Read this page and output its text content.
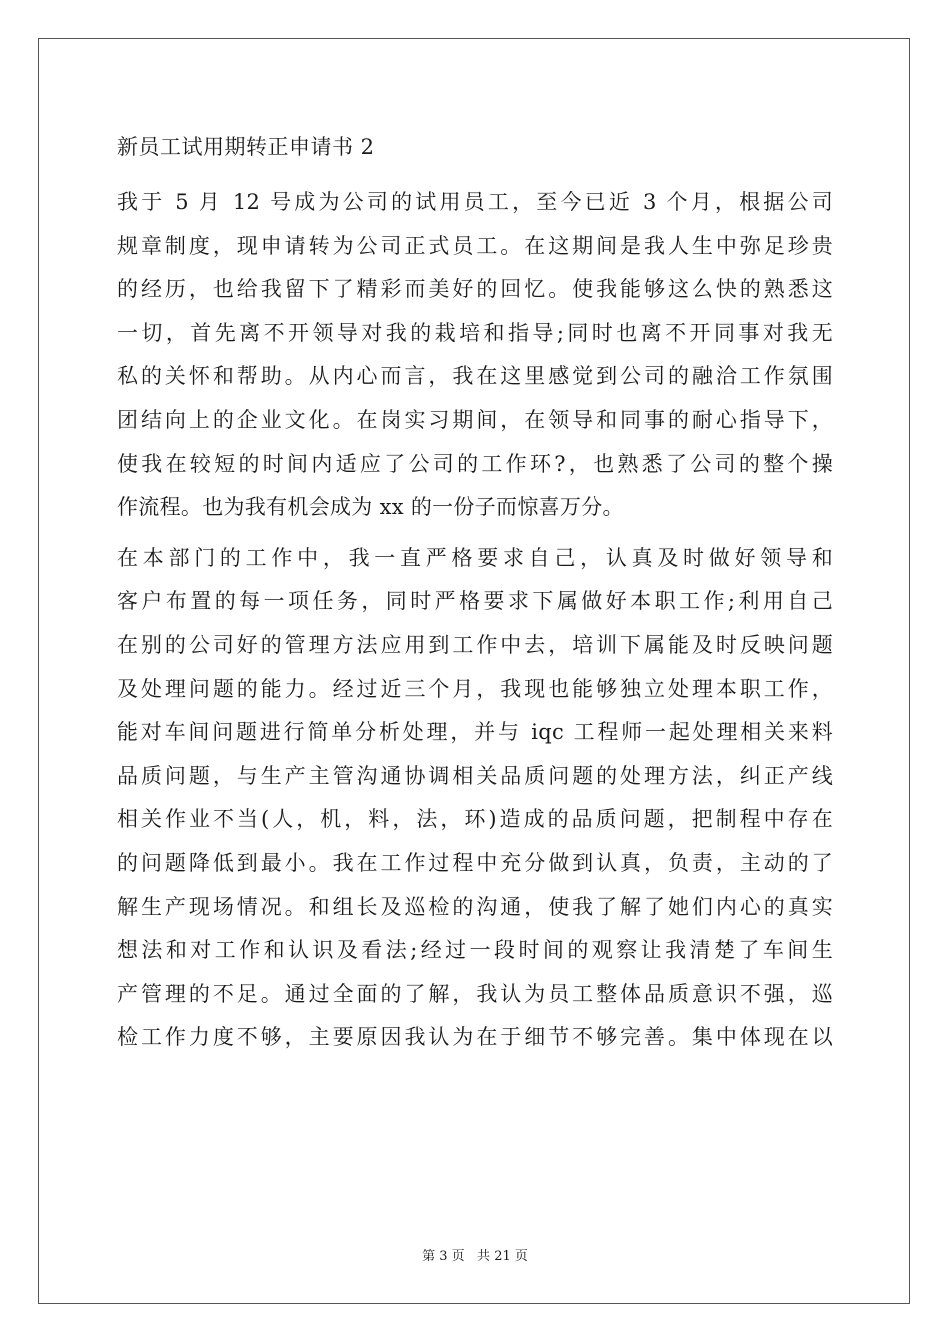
新员工试用期转正申请书 2
我于 5 月 12 号成为公司的试用员工，至今已近 3 个月，根据公司
规章制度，现申请转为公司正式员工。在这期间是我人生中弥足珍贵
的经历，也给我留下了精彩而美好的回忆。使我能够这么快的熟悉这
一切，首先离不开领导对我的栽培和指导;同时也离不开同事对我无
私的关怀和帮助。从内心而言，我在这里感觉到公司的融洽工作氛围
团结向上的企业文化。在岗实习期间，在领导和同事的耐心指导下，
使我在较短的时间内适应了公司的工作环?，也熟悉了公司的整个操
作流程。也为我有机会成为 xx 的一份子而惊喜万分。
在本部门的工作中，我一直严格要求自己，认真及时做好领导和
客户布置的每一项任务，同时严格要求下属做好本职工作;利用自己
在别的公司好的管理方法应用到工作中去，培训下属能及时反映问题
及处理问题的能力。经过近三个月，我现也能够独立处理本职工作，
能对车间问题进行简单分析处理，并与 iqc 工程师一起处理相关来料
品质问题，与生产主管沟通协调相关品质问题的处理方法，纠正产线
相关作业不当(人，机，料，法，环)造成的品质问题，把制程中存在
的问题降低到最小。我在工作过程中充分做到认真，负责，主动的了
解生产现场情况。和组长及巡检的沟通，使我了解了她们内心的真实
想法和对工作和认识及看法;经过一段时间的观察让我清楚了车间生
产管理的不足。通过全面的了解，我认为员工整体品质意识不强，巡
检工作力度不够，主要原因我认为在于细节不够完善。集中体现在以
第 3 页   共 21 页
